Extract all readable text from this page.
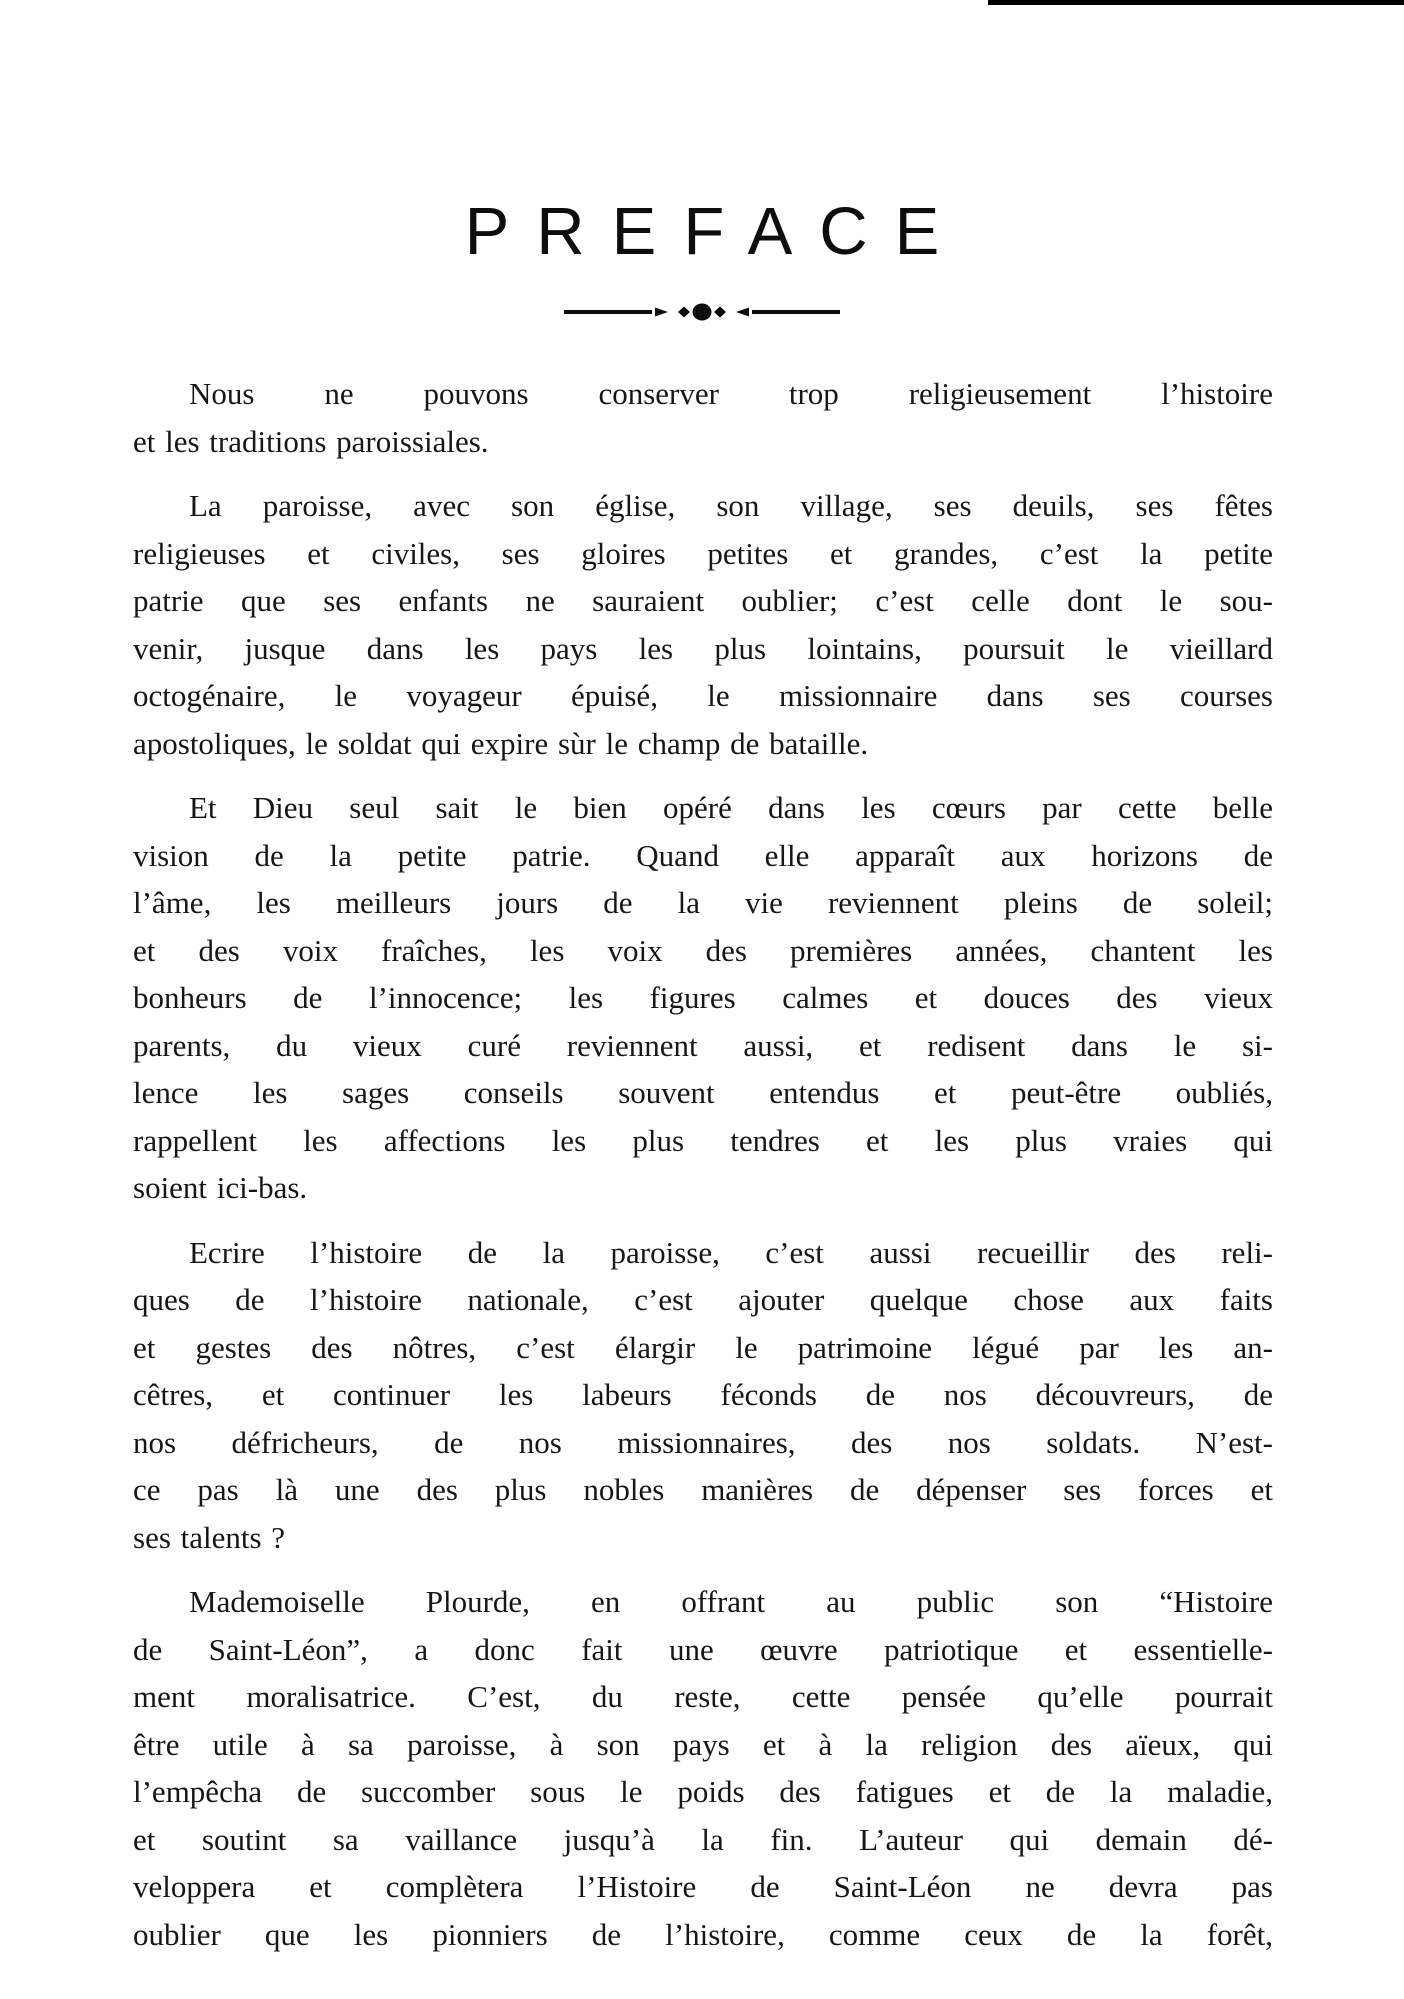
PREFACE
Nous ne pouvons conserver trop religieusement l’histoire
et les traditions paroissiales.
La paroisse, avec son église, son village, ses deuils, ses fêtes
religieuses et civiles, ses gloires petites et grandes, c’est la petite
patrie que ses enfants ne sauraient oublier; c’est celle dont le sou-
venir, jusque dans les pays les plus lointains, poursuit le vieillard
octogénaire, le voyageur épuisé, le missionnaire dans ses courses
apostoliques, le soldat qui expire sùr le champ de bataille.
Et Dieu seul sait le bien opéré dans les cœurs par cette belle
vision de la petite patrie. Quand elle apparaît aux horizons de
l’âme, les meilleurs jours de la vie reviennent pleins de soleil;
et des voix fraîches, les voix des premières années, chantent les
bonheurs de l’innocence; les figures calmes et douces des vieux
parents, du vieux curé reviennent aussi, et redisent dans le si-
lence les sages conseils souvent entendus et peut-être oubliés,
rappellent les affections les plus tendres et les plus vraies qui
soient ici-bas.
Ecrire l’histoire de la paroisse, c’est aussi recueillir des reli-
ques de l’histoire nationale, c’est ajouter quelque chose aux faits
et gestes des nôtres, c’est élargir le patrimoine légué par les an-
cêtres, et continuer les labeurs féconds de nos découvreurs, de
nos défricheurs, de nos missionnaires, des nos soldats. N’est-
ce pas là une des plus nobles manières de dépenser ses forces et
ses talents ?
Mademoiselle Plourde, en offrant au public son “Histoire
de Saint-Léon”, a donc fait une œuvre patriotique et essentielle-
ment moralisatrice. C’est, du reste, cette pensée qu’elle pourrait
être utile à sa paroisse, à son pays et à la religion des aïeux, qui
l’empêcha de succomber sous le poids des fatigues et de la maladie,
et soutint sa vaillance jusqu’à la fin. L’auteur qui demain dé-
veloppera et complètera l’Histoire de Saint-Léon ne devra pas
oublier que les pionniers de l’histoire, comme ceux de la forêt,
